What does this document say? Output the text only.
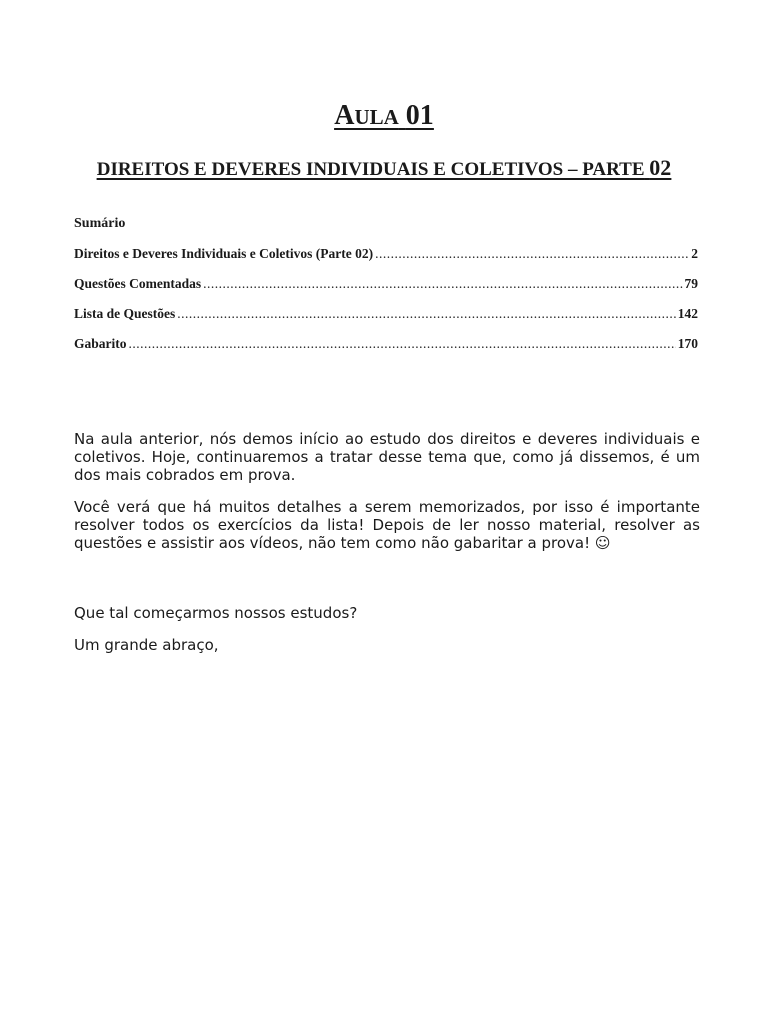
AULA 01
DIREITOS E DEVERES INDIVIDUAIS E COLETIVOS – PARTE 02
Sumário
Direitos e Deveres Individuais e Coletivos (Parte 02) .....	2
Questões Comentadas .....	79
Lista de Questões .....	142
Gabarito .....	170

Na aula anterior, nós demos início ao estudo dos direitos e deveres individuais e coletivos. Hoje, continuaremos a tratar desse tema que, como já dissemos, é um dos mais cobrados em prova.

Você verá que há muitos detalhes a serem memorizados, por isso é importante resolver todos os exercícios da lista! Depois de ler nosso material, resolver as questões e assistir aos vídeos, não tem como não gabaritar a prova! ☺

Que tal começarmos nossos estudos?

Um grande abraço,
